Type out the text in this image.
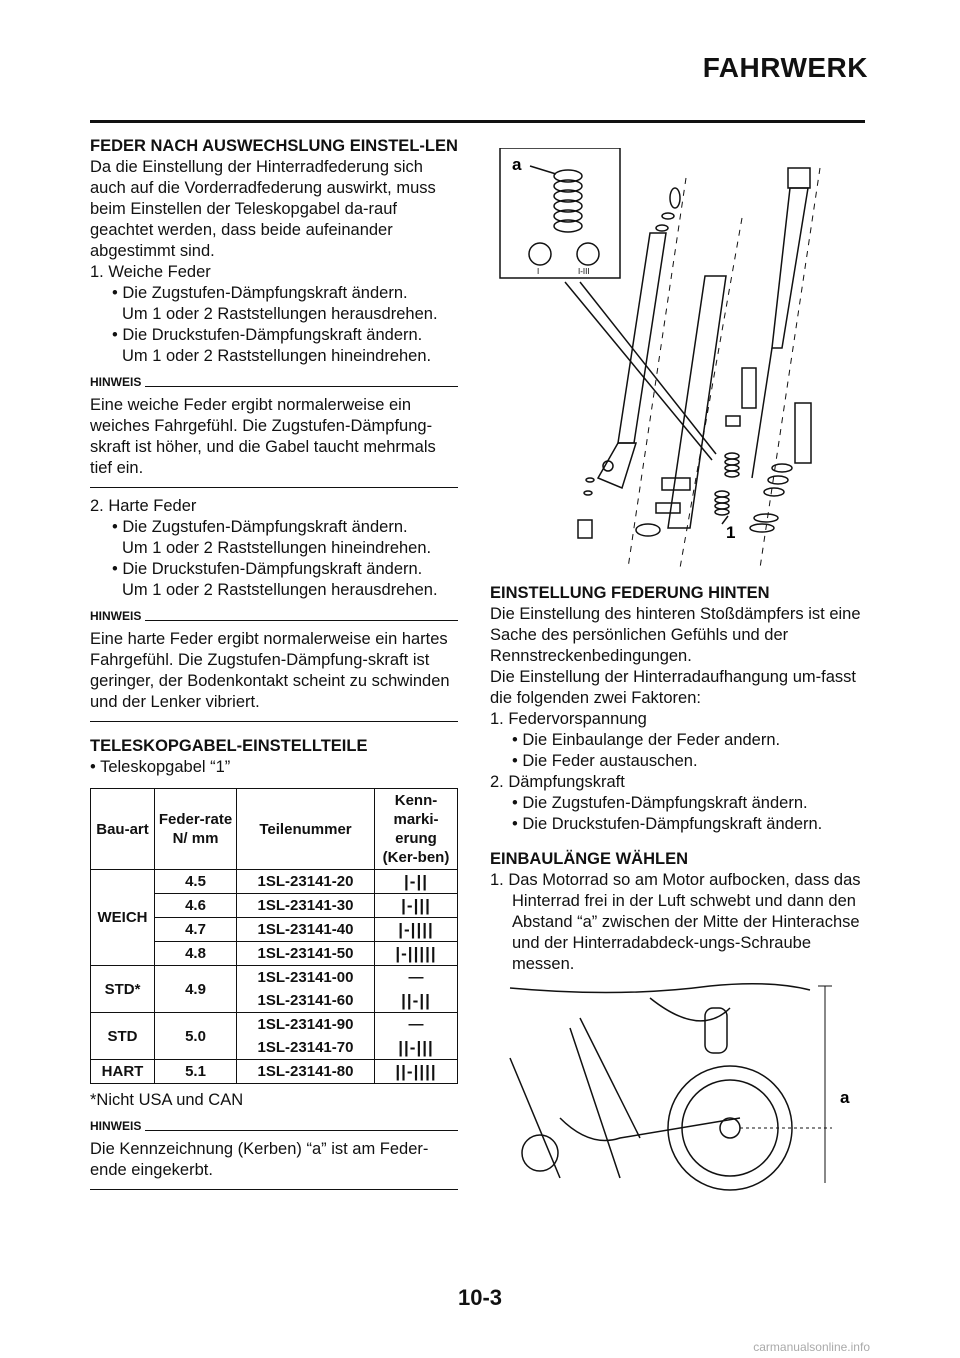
FAHRWERK
FEDER NACH AUSWECHSLUNG EINSTEL-LEN

Da die Einstellung der Hinterradfederung sich auch auf die Vorderradfederung auswirkt, muss beim Einstellen der Teleskopgabel da-rauf geachtet werden, dass beide aufeinander abgestimmt sind.

1. Weiche Feder

• Die Zugstufen-Dämpfungskraft ändern.

Um 1 oder 2 Raststellungen herausdrehen.

• Die Druckstufen-Dämpfungskraft ändern.

Um 1 oder 2 Raststellungen hineindrehen.

HINWEIS

Eine weiche Feder ergibt normalerweise ein weiches Fahrgefühl. Die Zugstufen-Dämpfung-skraft ist höher, und die Gabel taucht mehrmals tief ein.

2. Harte Feder

• Die Zugstufen-Dämpfungskraft ändern.

Um 1 oder 2 Raststellungen hineindrehen.

• Die Druckstufen-Dämpfungskraft ändern.

Um 1 oder 2 Raststellungen herausdrehen.

HINWEIS

Eine harte Feder ergibt normalerweise ein hartes Fahrgefühl. Die Zugstufen-Dämpfung-skraft ist geringer, der Bodenkontakt scheint zu schwinden und der Lenker vibriert.

TELESKOPGABEL-EINSTELLTEILE

• Teleskopgabel “1”

Bau-art	Feder-rate N/ mm	Teilenummer	Kenn-marki-erung (Ker-ben)
WEICH	4.5	1SL-23141-20	|-||
	4.6	1SL-23141-30	|-|||
	4.7	1SL-23141-40	|-||||
	4.8	1SL-23141-50	|-|||||
STD*	4.9	1SL-23141-00	—
		1SL-23141-60	||-||
STD	5.0	1SL-23141-90	—
		1SL-23141-70	||-|||
HART	5.1	1SL-23141-80	||-||||

*Nicht USA und CAN

HINWEIS

Die Kennzeichnung (Kerben) “a” ist am Feder-ende eingekerbt.

a
1
I	I-III
EINSTELLUNG FEDERUNG HINTEN

Die Einstellung des hinteren Stoßdämpfers ist eine Sache des persönlichen Gefühls und der Rennstreckenbedingungen.

Die Einstellung der Hinterradaufhangung um-fasst die folgenden zwei Faktoren:

1. Federvorspannung

• Die Einbaulange der Feder andern.

• Die Feder austauschen.

2. Dämpfungskraft

• Die Zugstufen-Dämpfungskraft ändern.

• Die Druckstufen-Dämpfungskraft ändern.

EINBAULÄNGE WÄHLEN

1. Das Motorrad so am Motor aufbocken, dass das Hinterrad frei in der Luft schwebt und dann den Abstand “a” zwischen der Mitte der Hinterachse und der Hinterradabdeck-ungs-Schraube messen.

a
10-3
carmanualsonline.info
